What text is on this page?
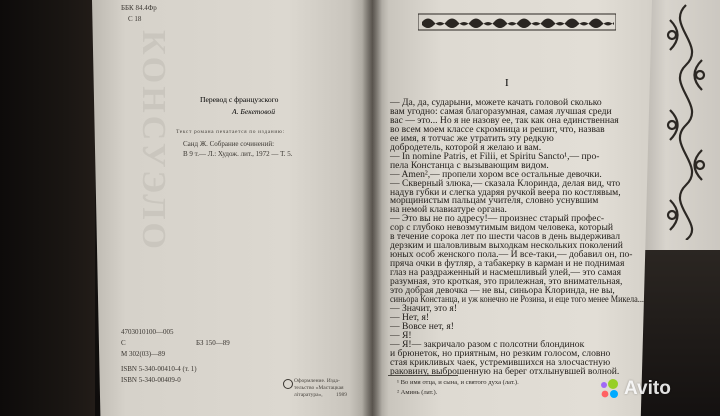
КОНСУЭЛО
ББК 84.4Фр
С 18
Перевод с французского
А. Бекетовой
Текст романа печатается по изданию:
Санд Ж. Собрание сочинений:
В 9 т.— Л.: Худож. лит., 1972 — Т. 5.
4703010100—005
С	БЗ 150—89
М 302(03)—89
ISBN 5-340-00410-4 (т. 1)
ISBN 5-340-00409-0	Оформление. Изда-
тельство «Мастацкая
літаратура», 1989
I
— Да, да, сударыни, можете качать головой сколько
вам угодно: самая благоразумная, самая лучшая среди
вас — это... Но я не назову ее, так как она единственная
во всем моем классе скромница и решит, что, назвав
ее имя, я тотчас же утратить эту редкую
добродетель, которой я желаю и вам.
— In nomine Patris, et Filii, et Spiritu Sancto¹,— про-
пела Констанца с вызывающим видом.
— Amen²,— пропели хором все остальные девочки.
— Скверный злюка,— сказала Клоринда, делая вид, что
надув губки и слегка ударяя ручкой веера по костлявым,
морщинистым пальцам учителя, словно уснувшим
на немой клавиатуре органа.
— Это вы не по адресу!— произнес старый профес-
сор с глубоко невозмутимым видом человека, который
в течение сорока лет по шести часов в день выдерживал
дерзким и шаловливым выходкам нескольких поколений
юных особ женского пола.— И все-таки,— добавил он, по-
пряча очки в футляр, а табакерку в карман и не поднимая
глаз на раздраженный и насмешливый улей,— это самая
разумная, это кроткая, это прилежная, это внимательная,
это добрая девочка — не вы, синьора Клоринда, не вы,
синьора Констанца, и уж конечно не Розина, и еще того менее Микела...
— Значит, это я!
— Нет, я!
— Вовсе нет, я!
— Я!
— Я!— закричало разом с полсотни блондинок
и брюнеток, но приятным, но резким голосом, словно
стая крикливых чаек, устремившихся на злосчастную
раковину, выброшенную на берег отхлынувшей волной.
¹ Во имя отца, и сына, и святого духа (лат.).
² Аминь (лат.).	Avito
